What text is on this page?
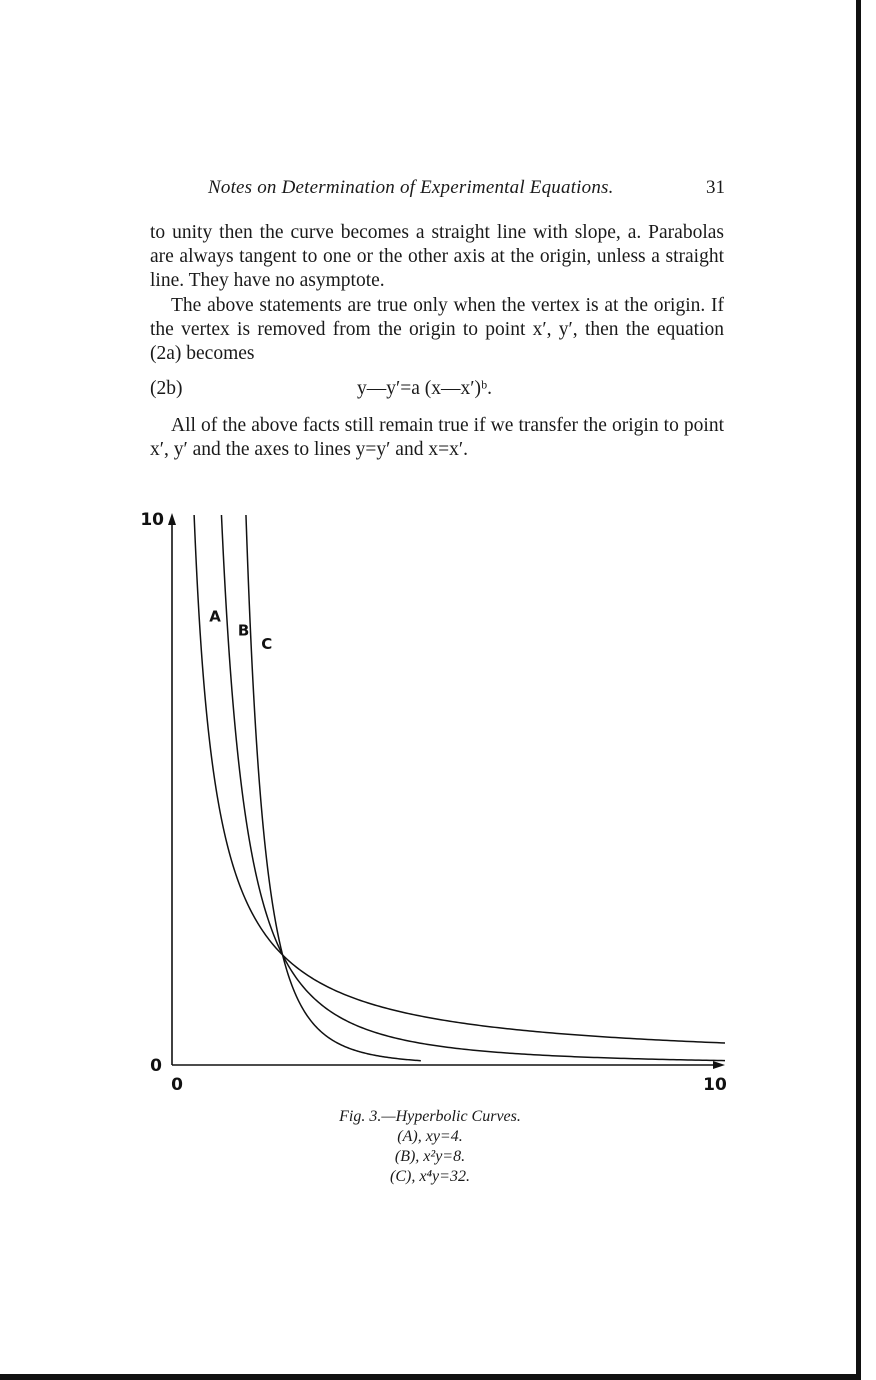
Notes on Determination of Experimental Equations.	31

to unity then the curve becomes a straight line with slope, a. Parabolas are always tangent to one or the other axis at the origin, unless a straight line. They have no asymptote.

The above statements are true only when the vertex is at the origin. If the vertex is removed from the origin to point x′, y′, then the equation (2a) becomes

(2b)	y—y′=a (x—x′)ᵇ.

All of the above facts still remain true if we transfer the origin to point x′, y′ and the axes to lines y=y′ and x=x′.

0
10
0	10
A
B
C
Fig. 3.—Hyperbolic Curves.
(A), xy=4.
(B), x²y=8.
(C), x⁴y=32.
